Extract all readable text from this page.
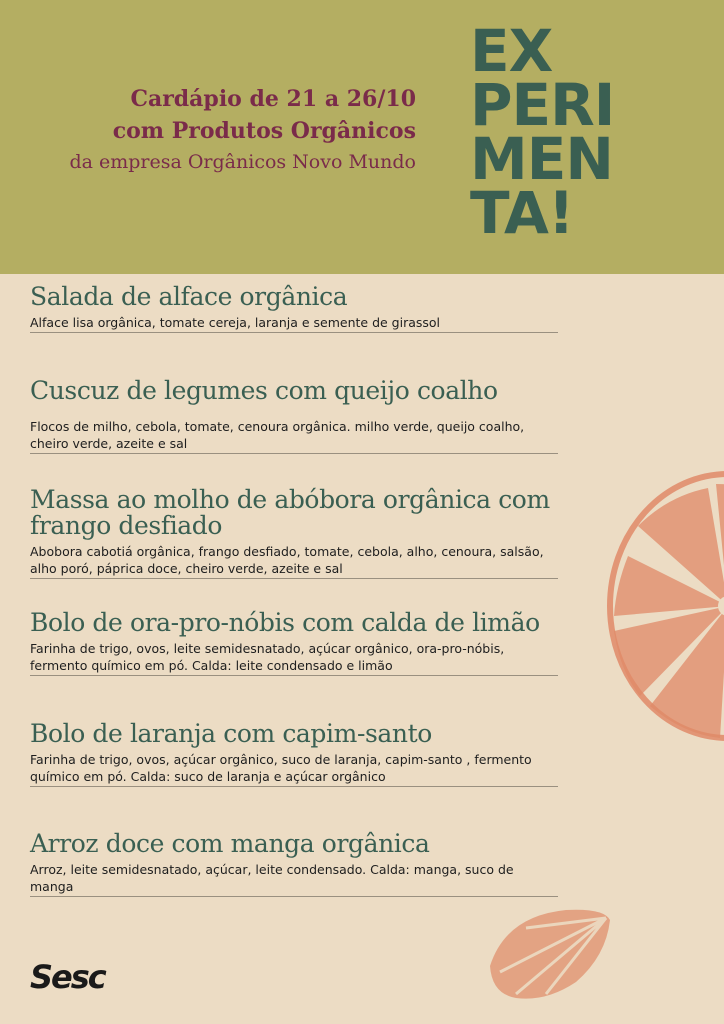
Cardápio de 21 a 26/10
com Produtos Orgânicos
da empresa Orgânicos Novo Mundo
EX
PERI
MEN
TA!
Salada de alface orgânica
Alface lisa orgânica, tomate cereja, laranja e semente de girassol
Cuscuz de legumes com queijo coalho
Flocos de milho, cebola, tomate, cenoura orgânica. milho verde, queijo coalho, cheiro verde, azeite e sal
Massa ao molho de abóbora orgânica com frango desfiado
Abobora cabotiá orgânica, frango desfiado, tomate, cebola, alho, cenoura, salsão, alho poró, páprica doce, cheiro verde, azeite e sal
Bolo de ora-pro-nóbis com calda de limão
Farinha de trigo, ovos, leite semidesnatado, açúcar orgânico, ora-pro-nóbis, fermento químico em pó. Calda: leite condensado e limão
Bolo de laranja com capim-santo
Farinha de trigo, ovos, açúcar orgânico, suco de laranja, capim-santo , fermento químico em pó. Calda: suco de laranja e açúcar orgânico
Arroz doce com manga orgânica
Arroz, leite semidesnatado, açúcar, leite condensado. Calda: manga, suco de manga
Sesc
